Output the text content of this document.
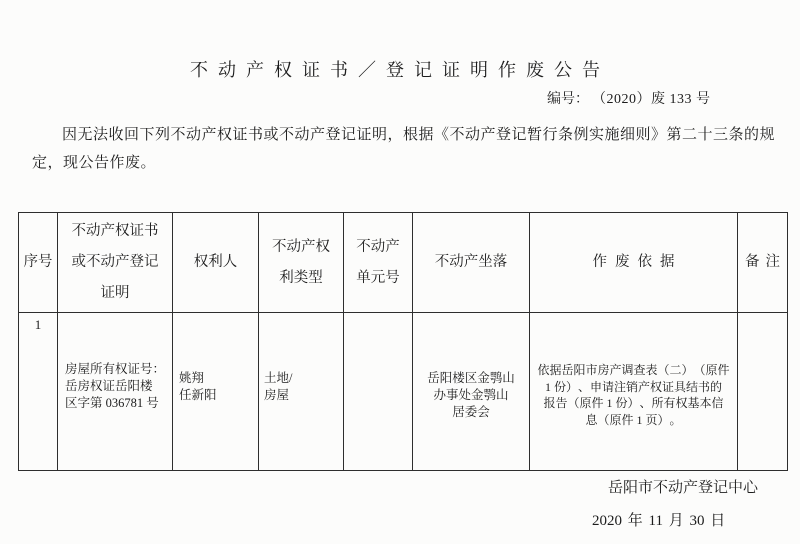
不动产权证书／登记证明作废公告
编号： （2020）废 133 号

因无法收回下列不动产权证书或不动产登记证明，根据《不动产登记暂行条例实施细则》第二十三条的规定，现公告作废。

序号	不动产权证书
或不动产登记
证明	权利人	不动产权
利类型	不动产
单元号	不动产坐落	作废依据	备注

1	房屋所有权证号：
岳房权证岳阳楼
区字第 036781 号	姚翔
任新阳	土地/
房屋		岳阳楼区金鹗山
办事处金鹗山
居委会	依据岳阳市房产调查表（二）（原件
1 份）、申请注销产权证具结书的
报告（原件 1 份）、所有权基本信
息（原件 1 页）。	

岳阳市不动产登记中心
2020 年 11 月 30 日
